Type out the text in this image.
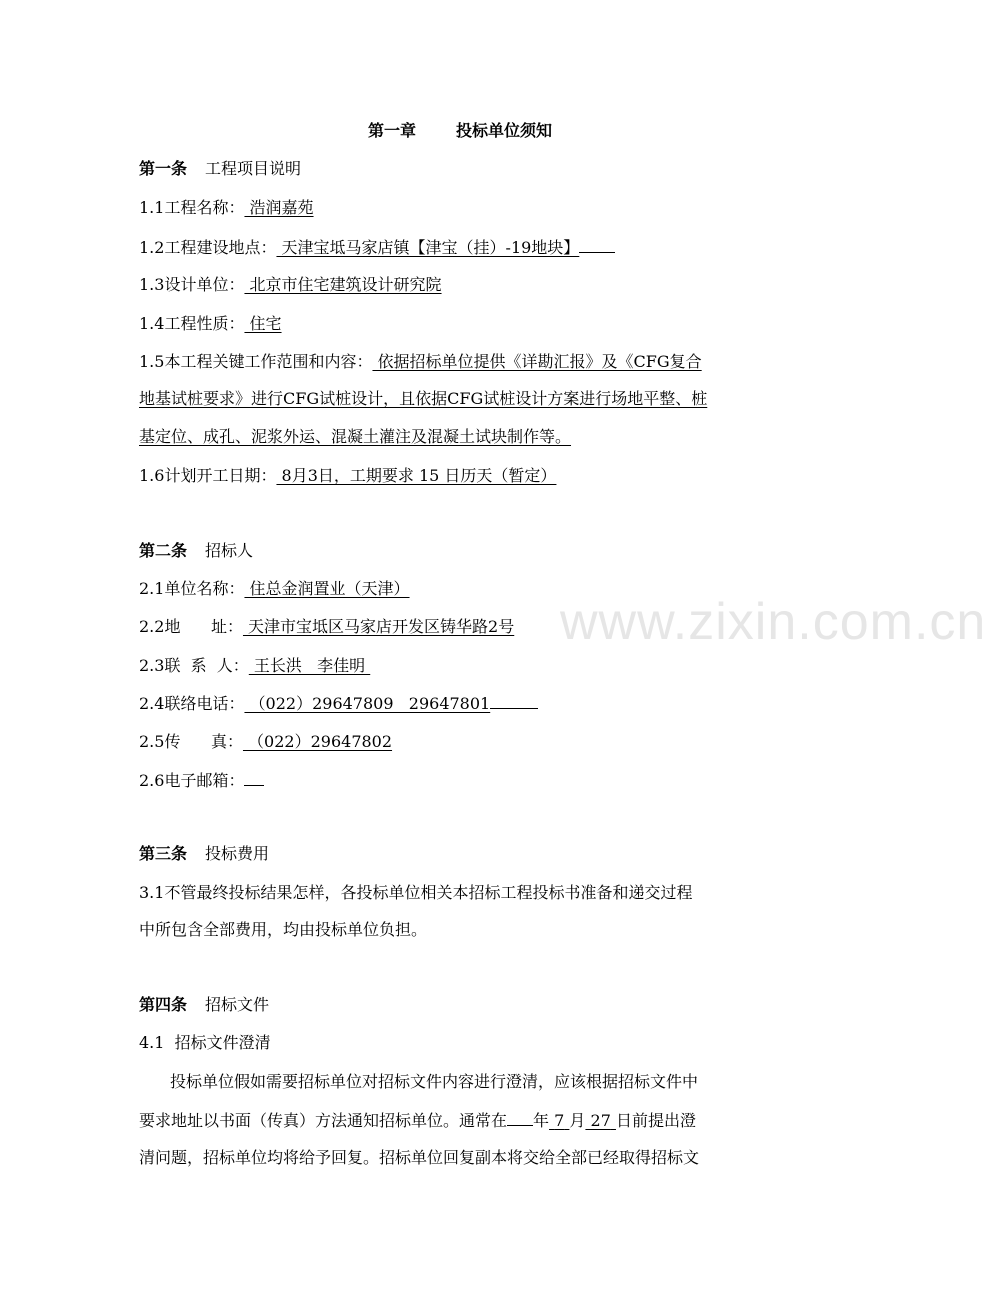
www.zixin.com.cn
第一章	投标单位须知
第一条 工程项目说明
1.1工程名称： 浩润嘉苑
1.2工程建设地点： 天津宝坻马家店镇【津宝（挂）-19地块】
1.3设计单位： 北京市住宅建筑设计研究院
1.4工程性质： 住宅
1.5本工程关键工作范围和内容： 依据招标单位提供《详勘汇报》及《CFG复合
地基试桩要求》进行CFG试桩设计，且依据CFG试桩设计方案进行场地平整、桩
基定位、成孔、泥浆外运、混凝土灌注及混凝土试块制作等。
1.6计划开工日期： 8月3日，工期要求 15 日历天（暂定）
第二条 招标人
2.1单位名称： 住总金润置业（天津）
2.2地      址： 天津市宝坻区马家店开发区铸华路2号
2.3联  系  人： 王长洪   李佳明
2.4联络电话： （022）29647809   29647801
2.5传      真： （022）29647802
2.6电子邮箱：
第三条 投标费用
3.1不管最终投标结果怎样，各投标单位相关本招标工程投标书准备和递交过程
中所包含全部费用，均由投标单位负担。
第四条 招标文件
4.1  招标文件澄清
投标单位假如需要招标单位对招标文件内容进行澄清，应该根据招标文件中
要求地址以书面（传真）方法通知招标单位。通常在 年 7 月 27 日前提出澄
清问题，招标单位均将给予回复。招标单位回复副本将交给全部已经取得招标文
